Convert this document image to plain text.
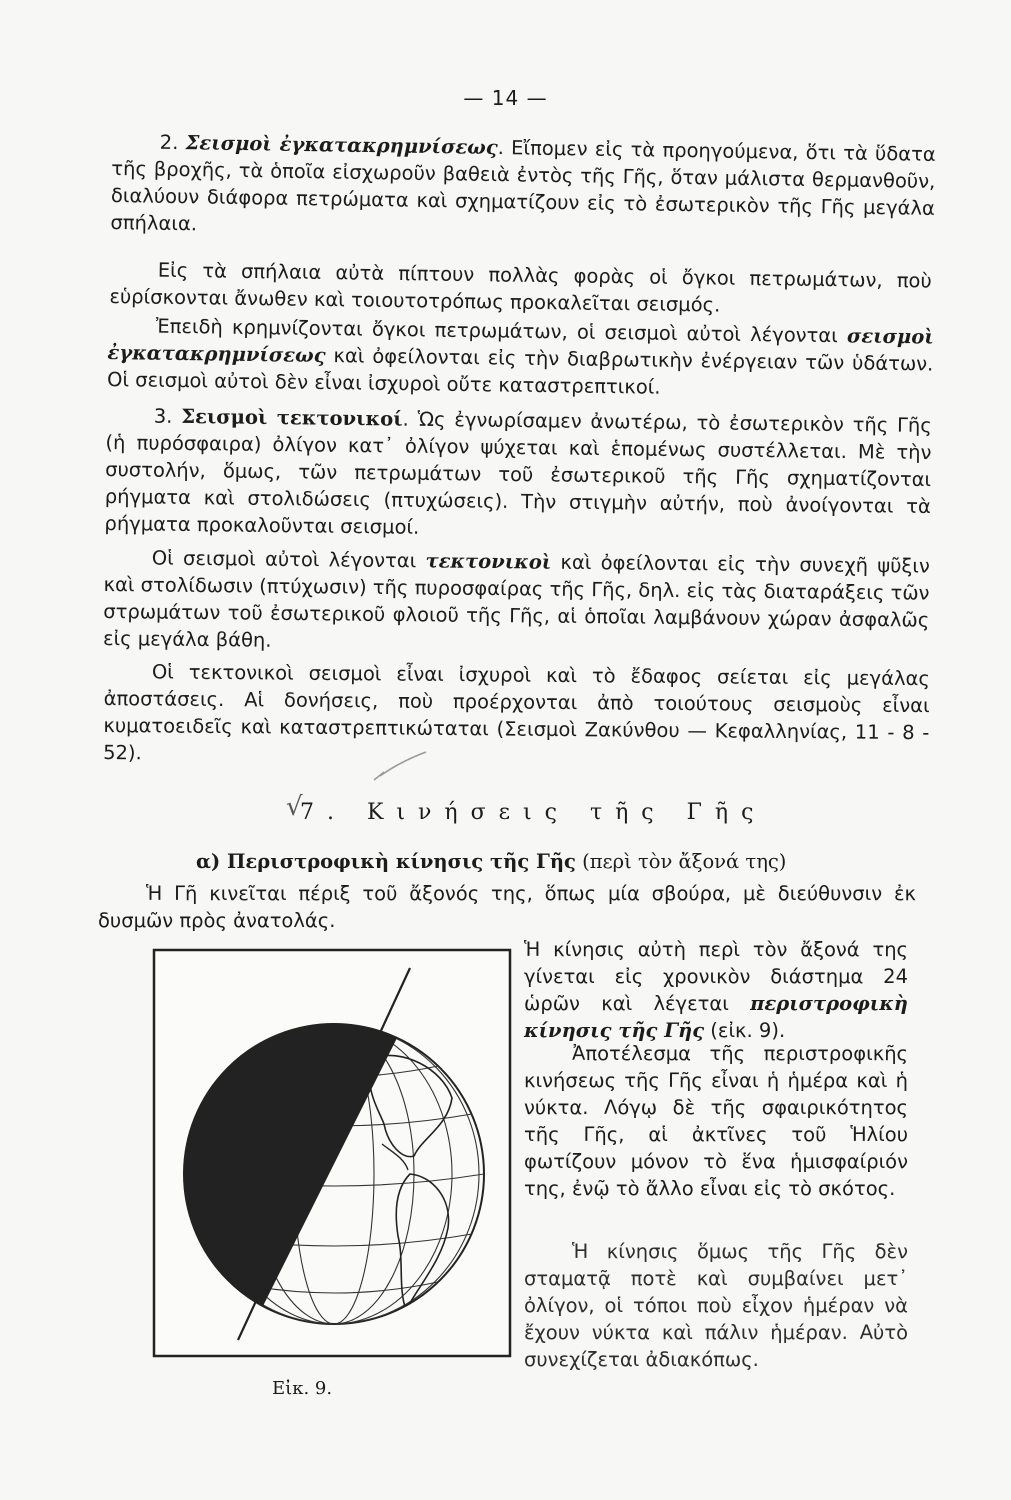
— 14 —

2. Σεισμοὶ ἐγκατακρημνίσεως. Εἴπομεν εἰς τὰ προηγούμενα, ὅτι τὰ ὕδατα τῆς βροχῆς, τὰ ὁποῖα εἰσχωροῦν βαθειὰ ἐντὸς τῆς Γῆς, ὅταν μάλιστα θερμανθοῦν, διαλύουν διάφορα πετρώματα καὶ σχηματίζουν εἰς τὸ ἐσωτερικὸν τῆς Γῆς μεγάλα σπήλαια.

Εἰς τὰ σπήλαια αὐτὰ πίπτουν πολλὰς φορὰς οἱ ὄγκοι πετρωμάτων, ποὺ εὑρίσκονται ἄνωθεν καὶ τοιουτοτρόπως προκαλεῖται σεισμός.

Ἐπειδὴ κρημνίζονται ὄγκοι πετρωμάτων, οἱ σεισμοὶ αὐτοὶ λέγονται σεισμοὶ ἐγκατακρημνίσεως καὶ ὀφείλονται εἰς τὴν διαβρωτικὴν ἐνέργειαν τῶν ὑδάτων. Οἱ σεισμοὶ αὐτοὶ δὲν εἶναι ἰσχυροὶ οὔτε καταστρεπτικοί.

3. Σεισμοὶ τεκτονικοί. Ὡς ἐγνωρίσαμεν ἀνωτέρω, τὸ ἐσωτερικὸν τῆς Γῆς (ἡ πυρόσφαιρα) ὀλίγον κατ᾽ ὀλίγον ψύχεται καὶ ἑπομένως συστέλλεται. Μὲ τὴν συστολήν, ὅμως, τῶν πετρωμάτων τοῦ ἐσωτερικοῦ τῆς Γῆς σχηματίζονται ρήγματα καὶ στολιδώσεις (πτυχώσεις). Τὴν στιγμὴν αὐτήν, ποὺ ἀνοίγονται τὰ ρήγματα προκαλοῦνται σεισμοί.

Οἱ σεισμοὶ αὐτοὶ λέγονται τεκτονικοὶ καὶ ὀφείλονται εἰς τὴν συνεχῆ ψῦξιν καὶ στολίδωσιν (πτύχωσιν) τῆς πυροσφαίρας τῆς Γῆς, δηλ. εἰς τὰς διαταράξεις τῶν στρωμάτων τοῦ ἐσωτερικοῦ φλοιοῦ τῆς Γῆς, αἱ ὁποῖαι λαμβάνουν χώραν ἀσφαλῶς εἰς μεγάλα βάθη.

Οἱ τεκτονικοὶ σεισμοὶ εἶναι ἰσχυροὶ καὶ τὸ ἔδαφος σείεται εἰς μεγάλας ἀποστάσεις. Αἱ δονήσεις, ποὺ προέρχονται ἀπὸ τοιούτους σεισμοὺς εἶναι κυματοειδεῖς καὶ καταστρεπτικώταται (Σεισμοὶ Ζακύνθου — Κεφαλληνίας, 11 - 8 - 52).

√
7. Κινήσεις τῆς Γῆς
α) Περιστροφικὴ κίνησις τῆς Γῆς (περὶ τὸν ἄξονά της)

Ἡ Γῆ κινεῖται πέριξ τοῦ ἄξονός της, ὅπως μία σβούρα, μὲ διεύθυνσιν ἐκ δυσμῶν πρὸς ἀνατολάς.

Ἡ κίνησις αὐτὴ περὶ τὸν ἄξονά της γίνεται εἰς χρονικὸν διάστημα 24 ὡρῶν καὶ λέγεται περιστροφικὴ κίνησις τῆς Γῆς (εἰκ. 9).

Ἀποτέλεσμα τῆς περιστροφικῆς κινήσεως τῆς Γῆς εἶναι ἡ ἡμέρα καὶ ἡ νύκτα. Λόγῳ δὲ τῆς σφαιρικότητος τῆς Γῆς, αἱ ἀκτῖνες τοῦ Ἡλίου φωτίζουν μόνον τὸ ἕνα ἡμισφαίριόν της, ἐνῷ τὸ ἄλλο εἶναι εἰς τὸ σκότος.

Ἡ κίνησις ὅμως τῆς Γῆς δὲν σταματᾷ ποτὲ καὶ συμβαίνει μετ᾽ ὀλίγον, οἱ τόποι ποὺ εἶχον ἡμέραν νὰ ἔχουν νύκτα καὶ πάλιν ἡμέραν. Αὐτὸ συνεχίζεται ἀδιακόπως.

Εἰκ. 9.
